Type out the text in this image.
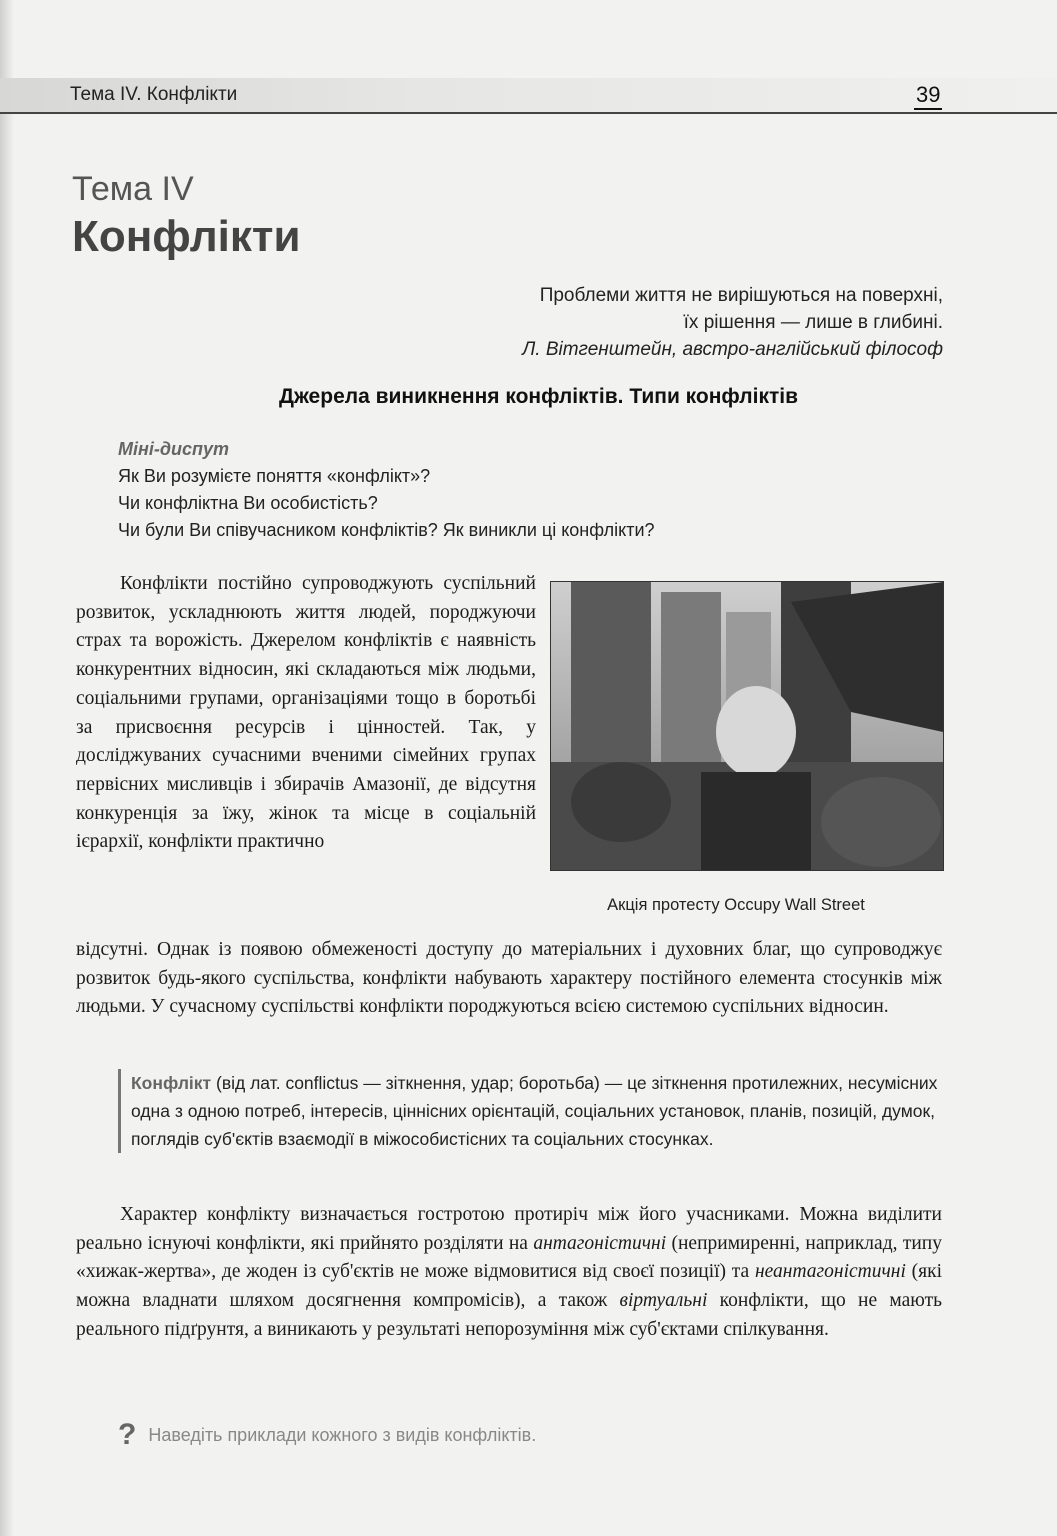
Тема IV. Конфлікти	39
Тема IV
Конфлікти
Проблеми життя не вирішуються на поверхні,
їх рішення — лише в глибині.
Л. Вітгенштейн, австро-англійський філософ
Джерела виникнення конфліктів. Типи конфліктів
Міні-диспут
Як Ви розумієте поняття «конфлікт»?
Чи конфліктна Ви особистість?
Чи були Ви співучасником конфліктів? Як виникли ці конфлікти?
Конфлікти постійно супроводжують суспільний розвиток, ускладнюють життя людей, породжуючи страх та ворожість. Джерелом конфліктів є наявність конкурентних відносин, які складаються між людьми, соціальними групами, організаціями тощо в боротьбі за присвоєння ресурсів і цінностей. Так, у досліджуваних сучасними вченими сімейних групах первісних мисливців і збирачів Амазонії, де відсутня конкуренція за їжу, жінок та місце в соціальній ієрархії, конфлікти практично
Акція протесту Occupy Wall Street
відсутні. Однак із появою обмеженості доступу до матеріальних і духовних благ, що супроводжує розвиток будь-якого суспільства, конфлікти набувають характеру постійного елемента стосунків між людьми. У сучасному суспільстві конфлікти породжуються всією системою суспільних відносин.
Конфлікт (від лат. conflictus — зіткнення, удар; боротьба) — це зіткнення протилежних, несумісних одна з одною потреб, інтересів, ціннісних орієнтацій, соціальних установок, планів, позицій, думок, поглядів суб'єктів взаємодії в міжособистісних та соціальних стосунках.
Характер конфлікту визначається гостротою протиріч між його учасниками. Можна виділити реально існуючі конфлікти, які прийнято розділяти на антагоністичні (непримиренні, наприклад, типу «хижак-жертва», де жоден із суб'єктів не може відмовитися від своєї позиції) та неантагоністичні (які можна владнати шляхом досягнення компромісів), а також віртуальні конфлікти, що не мають реального підґрунтя, а виникають у результаті непорозуміння між суб'єктами спілкування.
? Наведіть приклади кожного з видів конфліктів.
